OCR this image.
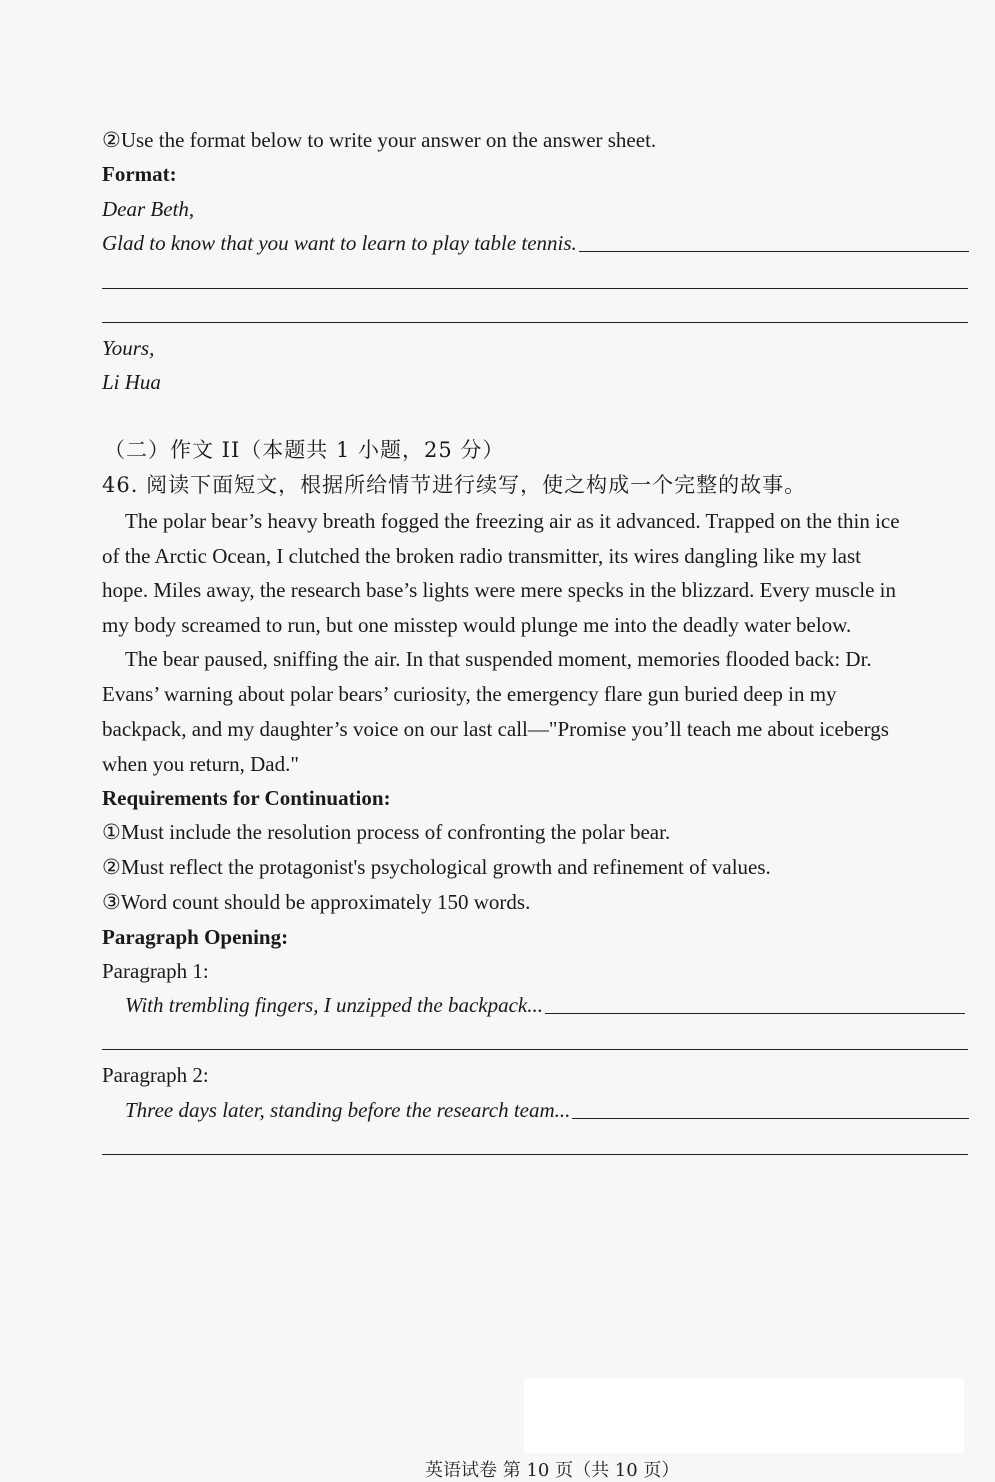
②Use the format below to write your answer on the answer sheet.
Format:
Dear Beth,
Glad to know that you want to learn to play table tennis.
Yours,
Li Hua
（二）作文 II（本题共 1 小题，25 分）
46. 阅读下面短文，根据所给情节进行续写，使之构成一个完整的故事。
The polar bear’s heavy breath fogged the freezing air as it advanced. Trapped on the thin ice
of the Arctic Ocean, I clutched the broken radio transmitter, its wires dangling like my last
hope. Miles away, the research base’s lights were mere specks in the blizzard. Every muscle in
my body screamed to run, but one misstep would plunge me into the deadly water below.
The bear paused, sniffing the air. In that suspended moment, memories flooded back: Dr.
Evans’ warning about polar bears’ curiosity, the emergency flare gun buried deep in my
backpack, and my daughter’s voice on our last call—"Promise you’ll teach me about icebergs
when you return, Dad."
Requirements for Continuation:
①Must include the resolution process of confronting the polar bear.
②Must reflect the protagonist's psychological growth and refinement of values.
③Word count should be approximately 150 words.
Paragraph Opening:
Paragraph 1:
With trembling fingers, I unzipped the backpack...
Paragraph 2:
Three days later, standing before the research team...
英语试卷 第 10 页（共 10 页）
